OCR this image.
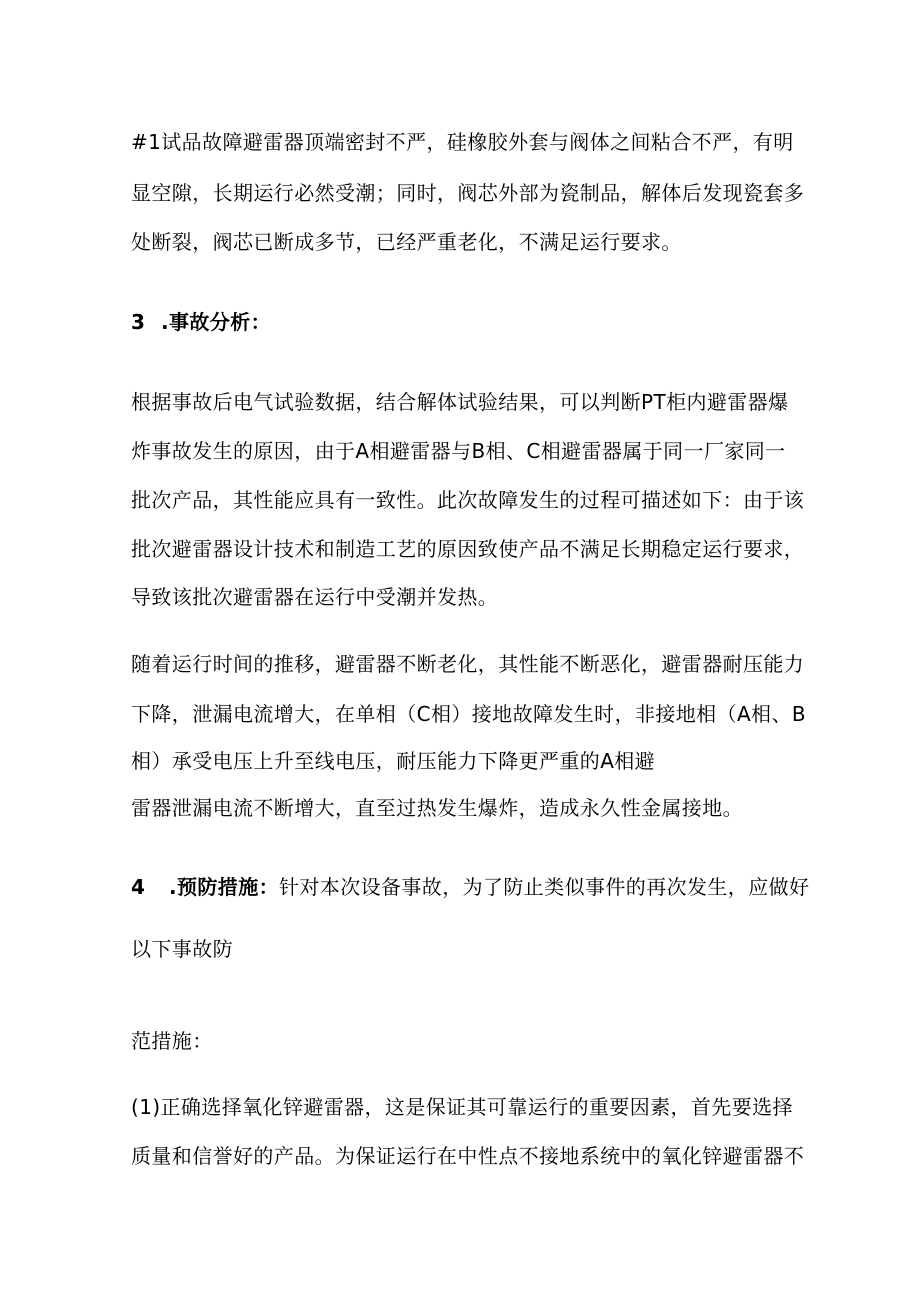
#1试品故障避雷器顶端密封不严，硅橡胶外套与阀体之间粘合不严，有明
显空隙，长期运行必然受潮；同时，阀芯外部为瓷制品，解体后发现瓷套多
处断裂，阀芯已断成多节，已经严重老化，不满足运行要求。
3 .事故分析：
根据事故后电气试验数据，结合解体试验结果，可以判断PT柜内避雷器爆
炸事故发生的原因，由于A相避雷器与B相、C相避雷器属于同一厂家同一
批次产品，其性能应具有一致性。此次故障发生的过程可描述如下：由于该
批次避雷器设计技术和制造工艺的原因致使产品不满足长期稳定运行要求，
导致该批次避雷器在运行中受潮并发热。
随着运行时间的推移，避雷器不断老化，其性能不断恶化，避雷器耐压能力
下降，泄漏电流增大，在单相（C相）接地故障发生时，非接地相（A相、B
相）承受电压上升至线电压，耐压能力下降更严重的A相避
雷器泄漏电流不断增大，直至过热发生爆炸，造成永久性金属接地。
4 .预防措施：针对本次设备事故，为了防止类似事件的再次发生，应做好
以下事故防
范措施：
(1)正确选择氧化锌避雷器，这是保证其可靠运行的重要因素，首先要选择
质量和信誉好的产品。为保证运行在中性点不接地系统中的氧化锌避雷器不
